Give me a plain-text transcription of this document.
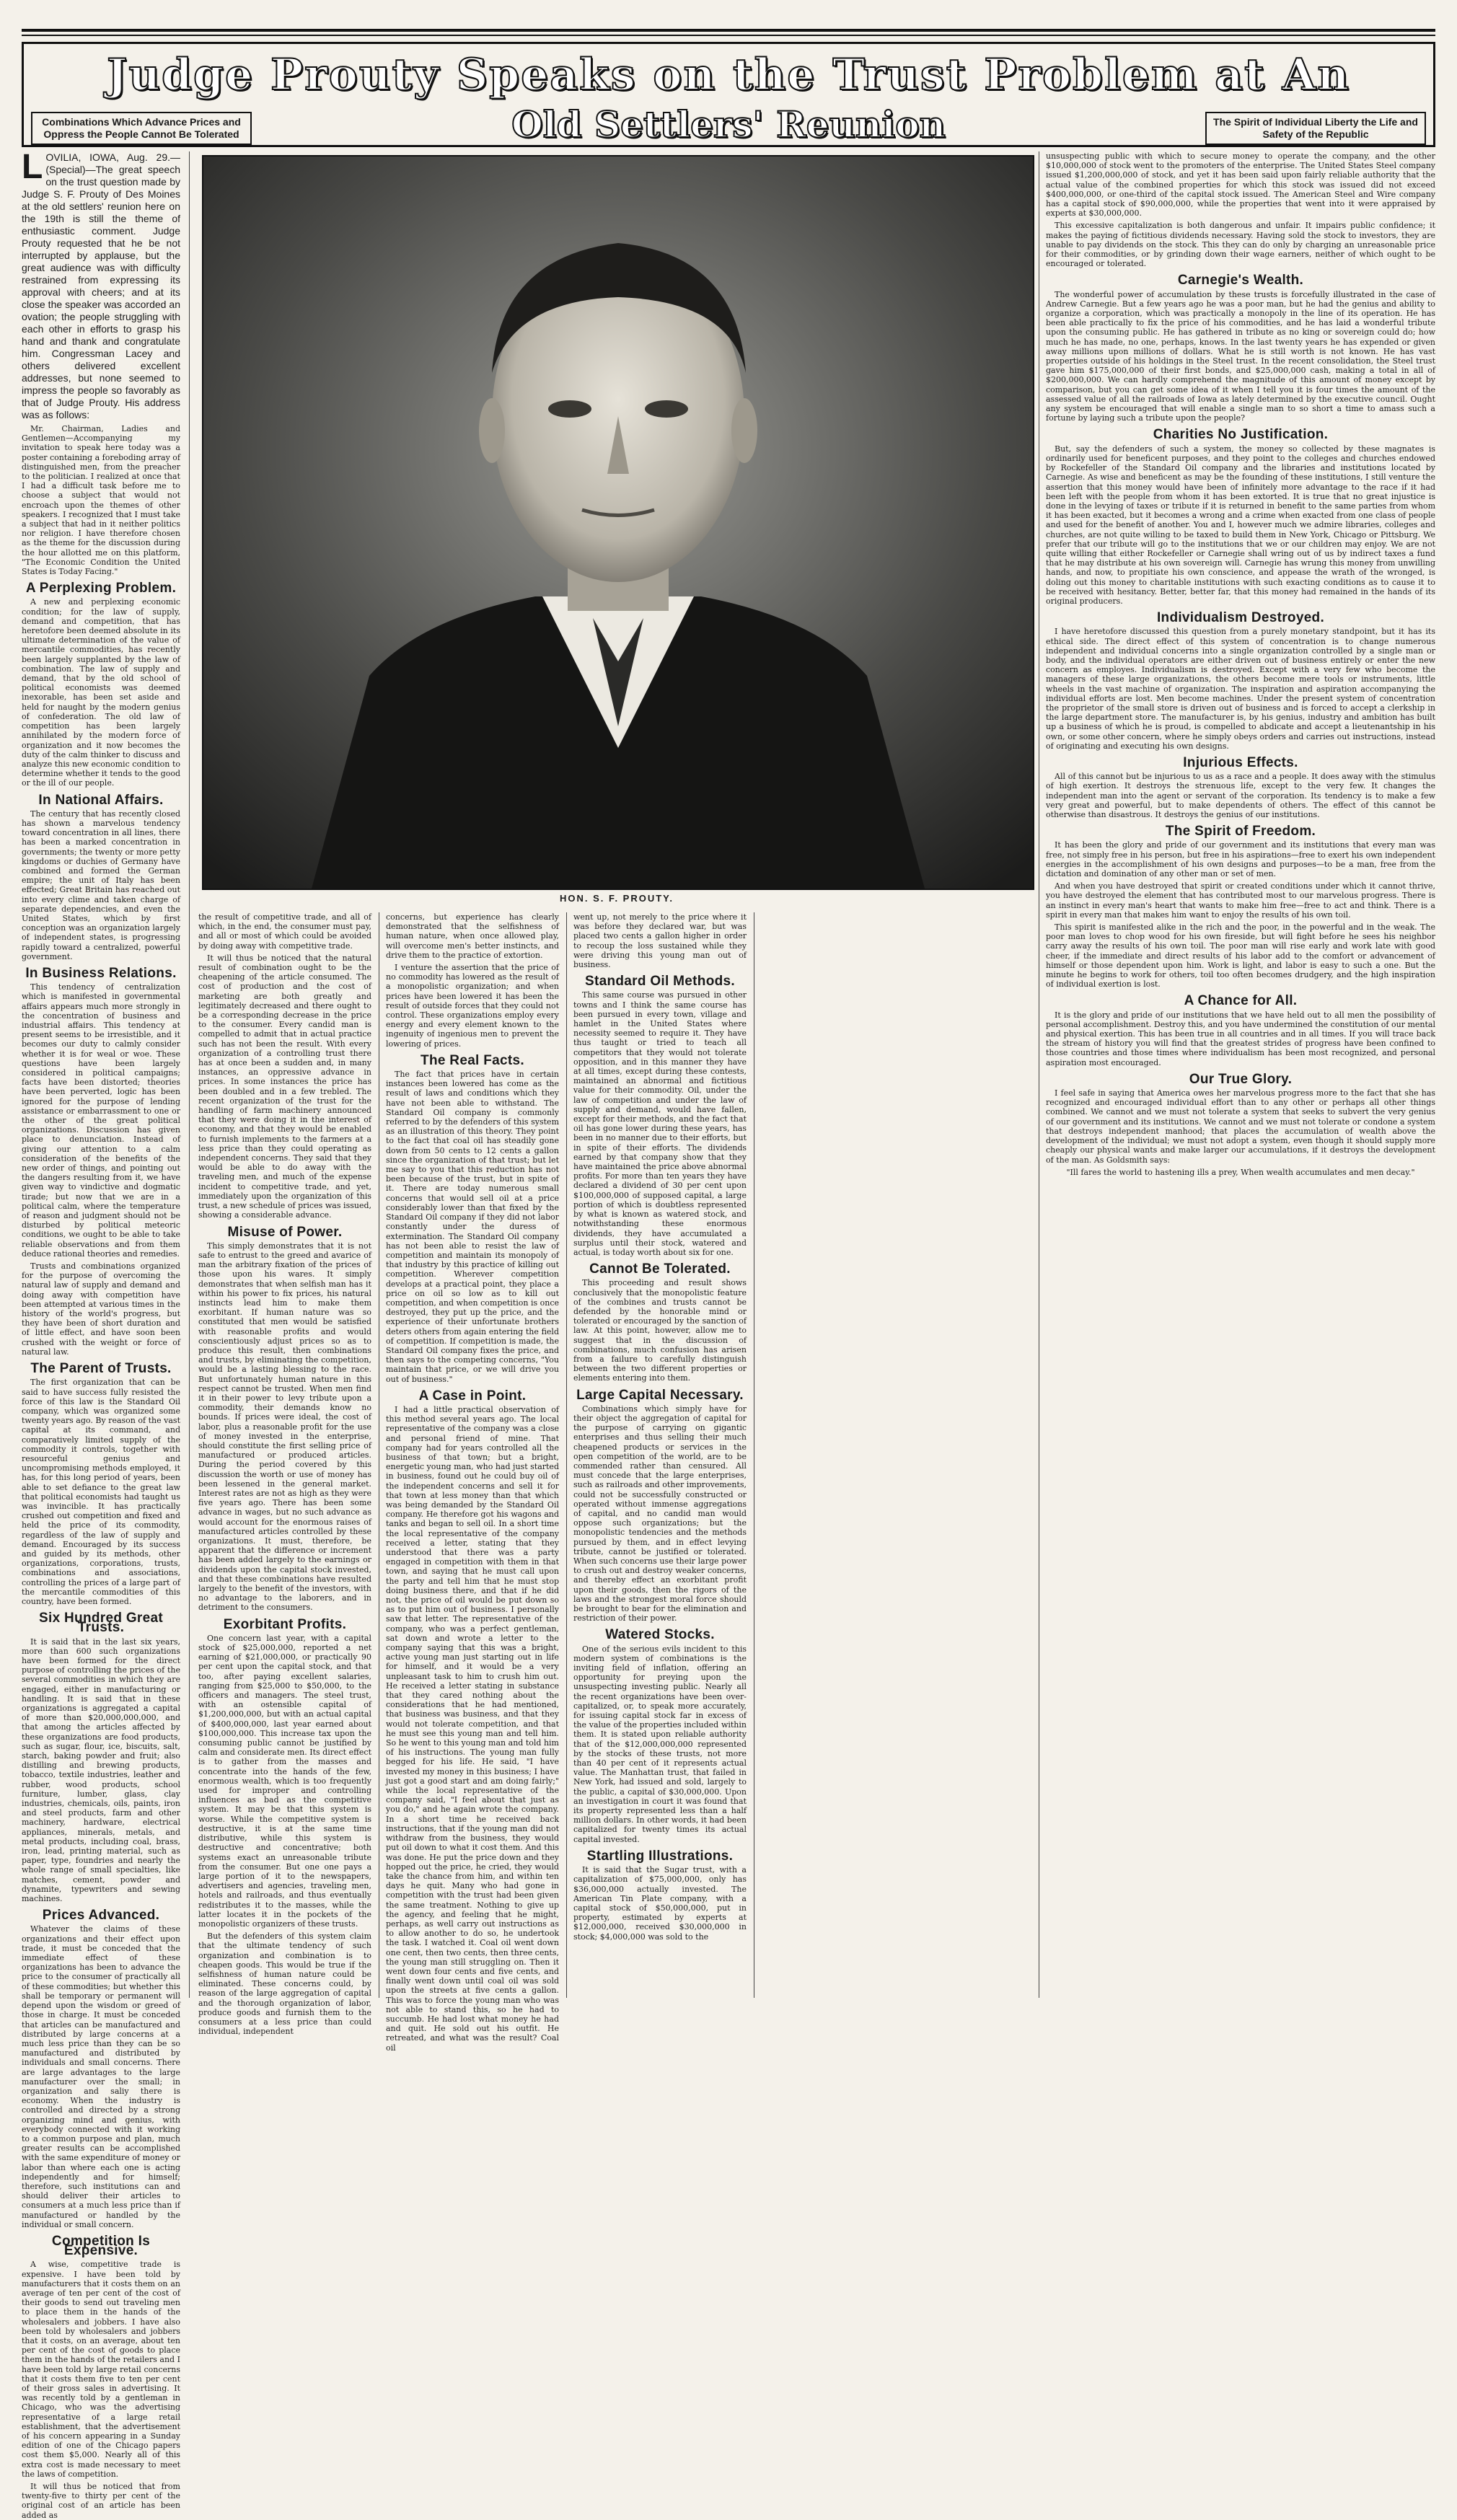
Judge Prouty Speaks on the Trust Problem at An
Combinations Which Advance Prices and Oppress the People Cannot Be Tolerated	Old Settlers' Reunion	The Spirit of Individual Liberty the Life and Safety of the Republic

LOVILIA, IOWA, Aug. 29.—(Special)—The great speech on the trust question made by Judge S. F. Prouty of Des Moines at the old settlers' reunion here on the 19th is still the theme of enthusiastic comment. Judge Prouty requested that he be not interrupted by applause, but the great audience was with difficulty restrained from expressing its approval with cheers; and at its close the speaker was accorded an ovation; the people struggling with each other in efforts to grasp his hand and thank and congratulate him. Congressman Lacey and others delivered excellent addresses, but none seemed to impress the people so favorably as that of Judge Prouty. His address was as follows:

Mr. Chairman, Ladies and Gentlemen—Accompanying my invitation to speak here today was a poster containing a foreboding array of distinguished men, from the preacher to the politician. I realized at once that I had a difficult task before me to choose a subject that would not encroach upon the themes of other speakers. I recognized that I must take a subject that had in it neither politics nor religion. I have therefore chosen as the theme for the discussion during the hour allotted me on this platform, "The Economic Condition the United States is Today Facing."

A Perplexing Problem.

A new and perplexing economic condition; for the law of supply, demand and competition, that has heretofore been deemed absolute in its ultimate determination of the value of mercantile commodities, has recently been largely supplanted by the law of combination. The law of supply and demand, that by the old school of political economists was deemed inexorable, has been set aside and held for naught by the modern genius of confederation. The old law of competition has been largely annihilated by the modern force of organization and it now becomes the duty of the calm thinker to discuss and analyze this new economic condition to determine whether it tends to the good or the ill of our people.

In National Affairs.

The century that has recently closed has shown a marvelous tendency toward concentration in all lines, there has been a marked concentration in governments; the twenty or more petty kingdoms or duchies of Germany have combined and formed the German empire; the unit of Italy has been effected; Great Britain has reached out into every clime and taken charge of separate dependencies, and even the United States, which by first conception was an organization largely of independent states, is progressing rapidly toward a centralized, powerful government.

In Business Relations.

This tendency of centralization which is manifested in governmental affairs appears much more strongly in the concentration of business and industrial affairs. This tendency at present seems to be irresistible, and it becomes our duty to calmly consider whether it is for weal or woe. These questions have been largely considered in political campaigns; facts have been distorted; theories have been perverted, logic has been ignored for the purpose of lending assistance or embarrassment to one or the other of the great political organizations. Discussion has given place to denunciation. Instead of giving our attention to a calm consideration of the benefits of the new order of things, and pointing out the dangers resulting from it, we have given way to vindictive and dogmatic tirade; but now that we are in a political calm, where the temperature of reason and judgment should not be disturbed by political meteoric conditions, we ought to be able to take reliable observations and from them deduce rational theories and remedies.

Trusts and combinations organized for the purpose of overcoming the natural law of supply and demand and doing away with competition have been attempted at various times in the history of the world's progress, but they have been of short duration and of little effect, and have soon been crushed with the weight or force of natural law.

The Parent of Trusts.

The first organization that can be said to have success fully resisted the force of this law is the Standard Oil company, which was organized some twenty years ago. By reason of the vast capital at its command, and comparatively limited supply of the commodity it controls, together with resourceful genius and uncompromising methods employed, it has, for this long period of years, been able to set defiance to the great law that political economists had taught us was invincible. It has practically crushed out competition and fixed and held the price of its commodity, regardless of the law of supply and demand. Encouraged by its success and guided by its methods, other organizations, corporations, trusts, combinations and associations, controlling the prices of a large part of the mercantile commodities of this country, have been formed.

Six Hundred Great Trusts.

It is said that in the last six years, more than 600 such organizations have been formed for the direct purpose of controlling the prices of the several commodities in which they are engaged, either in manufacturing or handling. It is said that in these organizations is aggregated a capital of more than $20,000,000,000, and that among the articles affected by these organizations are food products, such as sugar, flour, ice, biscuits, salt, starch, baking powder and fruit; also distilling and brewing products, tobacco, textile industries, leather and rubber, wood products, school furniture, lumber, glass, clay industries, chemicals, oils, paints, iron and steel products, farm and other machinery, hardware, electrical appliances, minerals, metals, and metal products, including coal, brass, iron, lead, printing material, such as paper, type, foundries and nearly the whole range of small specialties, like matches, cement, powder and dynamite, typewriters and sewing machines.

Prices Advanced.

Whatever the claims of these organizations and their effect upon trade, it must be conceded that the immediate effect of these organizations has been to advance the price to the consumer of practically all of these commodities; but whether this shall be temporary or permanent will depend upon the wisdom or greed of those in charge. It must be conceded that articles can be manufactured and distributed by large concerns at a much less price than they can be so manufactured and distributed by individuals and small concerns. There are large advantages to the large manufacturer over the small; in organization and saliy there is economy. When the industry is controlled and directed by a strong organizing mind and genius, with everybody connected with it working to a common purpose and plan, much greater results can be accomplished with the same expenditure of money or labor than where each one is acting independently and for himself; therefore, such institutions can and should deliver their articles to consumers at a much less price than if manufactured or handled by the individual or small concern.

Competition Is Expensive.

A wise, competitive trade is expensive. I have been told by manufacturers that it costs them on an average of ten per cent of the cost of their goods to send out traveling men to place them in the hands of the wholesalers and jobbers. I have also been told by wholesalers and jobbers that it costs, on an average, about ten per cent of the cost of goods to place them in the hands of the retailers and I have been told by large retail concerns that it costs them five to ten per cent of their gross sales in advertising. It was recently told by a gentleman in Chicago, who was the advertising representative of a large retail establishment, that the advertisement of his concern appearing in a Sunday edition of one of the Chicago papers cost them $5,000. Nearly all of this extra cost is made necessary to meet the laws of competition.

It will thus be noticed that from twenty-five to thirty per cent of the original cost of an article has been added as

HON. S. F. PROUTY.

the result of competitive trade, and all of which, in the end, the consumer must pay, and all or most of which could be avoided by doing away with competitive trade.

It will thus be noticed that the natural result of combination ought to be the cheapening of the article consumed. The cost of production and the cost of marketing are both greatly and legitimately decreased and there ought to be a corresponding decrease in the price to the consumer. Every candid man is compelled to admit that in actual practice such has not been the result. With every organization of a controlling trust there has at once been a sudden and, in many instances, an oppressive advance in prices. In some instances the price has been doubled and in a few trebled. The recent organization of the trust for the handling of farm machinery announced that they were doing it in the interest of economy, and that they would be enabled to furnish implements to the farmers at a less price than they could operating as independent concerns. They said that they would be able to do away with the traveling men, and much of the expense incident to competitive trade, and yet, immediately upon the organization of this trust, a new schedule of prices was issued, showing a considerable advance.

Misuse of Power.

This simply demonstrates that it is not safe to entrust to the greed and avarice of man the arbitrary fixation of the prices of those upon his wares. It simply demonstrates that when selfish man has it within his power to fix prices, his natural instincts lead him to make them exorbitant. If human nature was so constituted that men would be satisfied with reasonable profits and would conscientiously adjust prices so as to produce this result, then combinations and trusts, by eliminating the competition, would be a lasting blessing to the race. But unfortunately human nature in this respect cannot be trusted. When men find it in their power to levy tribute upon a commodity, their demands know no bounds. If prices were ideal, the cost of labor, plus a reasonable profit for the use of money invested in the enterprise, should constitute the first selling price of manufactured or produced articles. During the period covered by this discussion the worth or use of money has been lessened in the general market. Interest rates are not as high as they were five years ago. There has been some advance in wages, but no such advance as would account for the enormous raises of manufactured articles controlled by these organizations. It must, therefore, be apparent that the difference or increment has been added largely to the earnings or dividends upon the capital stock invested, and that these combinations have resulted largely to the benefit of the investors, with no advantage to the laborers, and in detriment to the consumers.

Exorbitant Profits.

One concern last year, with a capital stock of $25,000,000, reported a net earning of $21,000,000, or practically 90 per cent upon the capital stock, and that too, after paying excellent salaries, ranging from $25,000 to $50,000, to the officers and managers. The steel trust, with an ostensible capital of $1,200,000,000, but with an actual capital of $400,000,000, last year earned about $100,000,000. This increase tax upon the consuming public cannot be justified by calm and considerate men. Its direct effect is to gather from the masses and concentrate into the hands of the few, enormous wealth, which is too frequently used for improper and controlling influences as bad as the competitive system. It may be that this system is worse. While the competitive system is destructive, it is at the same time distributive, while this system is destructive and concentrative; both systems exact an unreasonable tribute from the consumer. But one one pays a large portion of it to the newspapers, advertisers and agencies, traveling men, hotels and railroads, and thus eventually redistributes it to the masses, while the latter locates it in the pockets of the monopolistic organizers of these trusts.

But the defenders of this system claim that the ultimate tendency of such organization and combination is to cheapen goods. This would be true if the selfishness of human nature could be eliminated. These concerns could, by reason of the large aggregation of capital and the thorough organization of labor, produce goods and furnish them to the consumers at a less price than could individual, independent

concerns, but experience has clearly demonstrated that the selfishness of human nature, when once allowed play, will overcome men's better instincts, and drive them to the practice of extortion.

I venture the assertion that the price of no commodity has lowered as the result of a monopolistic organization; and when prices have been lowered it has been the result of outside forces that they could not control. These organizations employ every energy and every element known to the ingenuity of ingenious men to prevent the lowering of prices.

The Real Facts.

The fact that prices have in certain instances been lowered has come as the result of laws and conditions which they have not been able to withstand. The Standard Oil company is commonly referred to by the defenders of this system as an illustration of this theory. They point to the fact that coal oil has steadily gone down from 50 cents to 12 cents a gallon since the organization of that trust; but let me say to you that this reduction has not been because of the trust, but in spite of it. There are today numerous small concerns that would sell oil at a price considerably lower than that fixed by the Standard Oil company if they did not labor constantly under the duress of extermination. The Standard Oil company has not been able to resist the law of competition and maintain its monopoly of that industry by this practice of killing out competition. Wherever competition develops at a practical point, they place a price on oil so low as to kill out competition, and when competition is once destroyed, they put up the price, and the experience of their unfortunate brothers deters others from again entering the field of competition. If competition is made, the Standard Oil company fixes the price, and then says to the competing concerns, "You maintain that price, or we will drive you out of business."

A Case in Point.

I had a little practical observation of this method several years ago. The local representative of the company was a close and personal friend of mine. That company had for years controlled all the business of that town; but a bright, energetic young man, who had just started in business, found out he could buy oil of the independent concerns and sell it for that town at less money than that which was being demanded by the Standard Oil company. He therefore got his wagons and tanks and began to sell oil. In a short time the local representative of the company received a letter, stating that they understood that there was a party engaged in competition with them in that town, and saying that he must call upon the party and tell him that he must stop doing business there, and that if he did not, the price of oil would be put down so as to put him out of business. I personally saw that letter. The representative of the company, who was a perfect gentleman, sat down and wrote a letter to the company saying that this was a bright, active young man just starting out in life for himself, and it would be a very unpleasant task to him to crush him out. He received a letter stating in substance that they cared nothing about the considerations that he had mentioned, that business was business, and that they would not tolerate competition, and that he must see this young man and tell him. So he went to this young man and told him of his instructions. The young man fully begged for his life. He said, "I have invested my money in this business; I have just got a good start and am doing fairly;" while the local representative of the company said, "I feel about that just as you do," and he again wrote the company. In a short time he received back instructions, that if the young man did not withdraw from the business, they would put oil down to what it cost them. And this was done. He put the price down and they hopped out the price, he cried, they would take the chance from him, and within ten days he quit. Many who had gone in competition with the trust had been given the same treatment. Nothing to give up the agency, and feeling that he might, perhaps, as well carry out instructions as to allow another to do so, he undertook the task. I watched it. Coal oil went down one cent, then two cents, then three cents, the young man still struggling on. Then it went down four cents and five cents, and finally went down until coal oil was sold upon the streets at five cents a gallon. This was to force the young man who was not able to stand this, so he had to succumb. He had lost what money he had and quit. He sold out his outfit. He retreated, and what was the result? Coal oil

went up, not merely to the price where it was before they declared war, but was placed two cents a gallon higher in order to recoup the loss sustained while they were driving this young man out of business.

Standard Oil Methods.

This same course was pursued in other towns and I think the same course has been pursued in every town, village and hamlet in the United States where necessity seemed to require it. They have thus taught or tried to teach all competitors that they would not tolerate opposition, and in this manner they have at all times, except during these contests, maintained an abnormal and fictitious value for their commodity. Oil, under the law of competition and under the law of supply and demand, would have fallen, except for their methods, and the fact that oil has gone lower during these years, has been in no manner due to their efforts, but in spite of their efforts. The dividends earned by that company show that they have maintained the price above abnormal profits. For more than ten years they have declared a dividend of 30 per cent upon $100,000,000 of supposed capital, a large portion of which is doubtless represented by what is known as watered stock, and notwithstanding these enormous dividends, they have accumulated a surplus until their stock, watered and actual, is today worth about six for one.

Cannot Be Tolerated.

This proceeding and result shows conclusively that the monopolistic feature of the combines and trusts cannot be defended by the honorable mind or tolerated or encouraged by the sanction of law. At this point, however, allow me to suggest that in the discussion of combinations, much confusion has arisen from a failure to carefully distinguish between the two different properties or elements entering into them.

Large Capital Necessary.

Combinations which simply have for their object the aggregation of capital for the purpose of carrying on gigantic enterprises and thus selling their much cheapened products or services in the open competition of the world, are to be commended rather than censured. All must concede that the large enterprises, such as railroads and other improvements, could not be successfully constructed or operated without immense aggregations of capital, and no candid man would oppose such organizations; but the monopolistic tendencies and the methods pursued by them, and in effect levying tribute, cannot be justified or tolerated. When such concerns use their large power to crush out and destroy weaker concerns, and thereby effect an exorbitant profit upon their goods, then the rigors of the laws and the strongest moral force should be brought to bear for the elimination and restriction of their power.

Watered Stocks.

One of the serious evils incident to this modern system of combinations is the inviting field of inflation, offering an opportunity for preying upon the unsuspecting investing public. Nearly all the recent organizations have been over-capitalized, or, to speak more accurately, for issuing capital stock far in excess of the value of the properties included within them. It is stated upon reliable authority that of the $12,000,000,000 represented by the stocks of these trusts, not more than 40 per cent of it represents actual value. The Manhattan trust, that failed in New York, had issued and sold, largely to the public, a capital of $30,000,000. Upon an investigation in court it was found that its property represented less than a half million dollars. In other words, it had been capitalized for twenty times its actual capital invested.

Startling Illustrations.

It is said that the Sugar trust, with a capitalization of $75,000,000, only has $36,000,000 actually invested. The American Tin Plate company, with a capital stock of $50,000,000, put in property, estimated by experts at $12,000,000, received $30,000,000 in stock; $4,000,000 was sold to the

unsuspecting public with which to secure money to operate the company, and the other $10,000,000 of stock went to the promoters of the enterprise. The United States Steel company issued $1,200,000,000 of stock, and yet it has been said upon fairly reliable authority that the actual value of the combined properties for which this stock was issued did not exceed $400,000,000, or one-third of the capital stock issued. The American Steel and Wire company has a capital stock of $90,000,000, while the properties that went into it were appraised by experts at $30,000,000.

This excessive capitalization is both dangerous and unfair. It impairs public confidence; it makes the paying of fictitious dividends necessary. Having sold the stock to investors, they are unable to pay dividends on the stock. This they can do only by charging an unreasonable price for their commodities, or by grinding down their wage earners, neither of which ought to be encouraged or tolerated.

Carnegie's Wealth.

The wonderful power of accumulation by these trusts is forcefully illustrated in the case of Andrew Carnegie. But a few years ago he was a poor man, but he had the genius and ability to organize a corporation, which was practically a monopoly in the line of its operation. He has been able practically to fix the price of his commodities, and he has laid a wonderful tribute upon the consuming public. He has gathered in tribute as no king or sovereign could do; how much he has made, no one, perhaps, knows. In the last twenty years he has expended or given away millions upon millions of dollars. What he is still worth is not known. He has vast properties outside of his holdings in the Steel trust. In the recent consolidation, the Steel trust gave him $175,000,000 of their first bonds, and $25,000,000 cash, making a total in all of $200,000,000. We can hardly comprehend the magnitude of this amount of money except by comparison, but you can get some idea of it when I tell you it is four times the amount of the assessed value of all the railroads of Iowa as lately determined by the executive council. Ought any system be encouraged that will enable a single man to so short a time to amass such a fortune by laying such a tribute upon the people?

Charities No Justification.

But, say the defenders of such a system, the money so collected by these magnates is ordinarily used for beneficent purposes, and they point to the colleges and churches endowed by Rockefeller of the Standard Oil company and the libraries and institutions located by Carnegie. As wise and beneficent as may be the founding of these institutions, I still venture the assertion that this money would have been of infinitely more advantage to the race if it had been left with the people from whom it has been extorted. It is true that no great injustice is done in the levying of taxes or tribute if it is returned in benefit to the same parties from whom it has been exacted, but it becomes a wrong and a crime when exacted from one class of people and used for the benefit of another. You and I, however much we admire libraries, colleges and churches, are not quite willing to be taxed to build them in New York, Chicago or Pittsburg. We prefer that our tribute will go to the institutions that we or our children may enjoy. We are not quite willing that either Rockefeller or Carnegie shall wring out of us by indirect taxes a fund that he may distribute at his own sovereign will. Carnegie has wrung this money from unwilling hands, and now, to propitiate his own conscience, and appease the wrath of the wronged, is doling out this money to charitable institutions with such exacting conditions as to cause it to be received with hesitancy. Better, better far, that this money had remained in the hands of its original producers.

Individualism Destroyed.

I have heretofore discussed this question from a purely monetary standpoint, but it has its ethical side. The direct effect of this system of concentration is to change numerous independent and individual concerns into a single organization controlled by a single man or body, and the individual operators are either driven out of business entirely or enter the new concern as employes. Individualism is destroyed. Except with a very few who become the managers of these large organizations, the others become mere tools or instruments, little wheels in the vast machine of organization. The inspiration and aspiration accompanying the individual efforts are lost. Men become machines. Under the present system of concentration the proprietor of the small store is driven out of business and is forced to accept a clerkship in the large department store. The manufacturer is, by his genius, industry and ambition has built up a business of which he is proud, is compelled to abdicate and accept a lieutenantship in his own, or some other concern, where he simply obeys orders and carries out instructions, instead of originating and executing his own designs.

Injurious Effects.

All of this cannot but be injurious to us as a race and a people. It does away with the stimulus of high exertion. It destroys the strenuous life, except to the very few. It changes the independent man into the agent or servant of the corporation. Its tendency is to make a few very great and powerful, but to make dependents of others. The effect of this cannot be otherwise than disastrous. It destroys the genius of our institutions.

The Spirit of Freedom.

It has been the glory and pride of our government and its institutions that every man was free, not simply free in his person, but free in his aspirations—free to exert his own independent energies in the accomplishment of his own designs and purposes—to be a man, free from the dictation and domination of any other man or set of men.

And when you have destroyed that spirit or created conditions under which it cannot thrive, you have destroyed the element that has contributed most to our marvelous progress. There is an instinct in every man's heart that wants to make him free—free to act and think. There is a spirit in every man that makes him want to enjoy the results of his own toil.

This spirit is manifested alike in the rich and the poor, in the powerful and in the weak. The poor man loves to chop wood for his own fireside, but will fight before he sees his neighbor carry away the results of his own toil. The poor man will rise early and work late with good cheer, if the immediate and direct results of his labor add to the comfort or advancement of himself or those dependent upon him. Work is light, and labor is easy to such a one. But the minute he begins to work for others, toil too often becomes drudgery, and the high inspiration of individual exertion is lost.

A Chance for All.

It is the glory and pride of our institutions that we have held out to all men the possibility of personal accomplishment. Destroy this, and you have undermined the constitution of our mental and physical exertion. This has been true in all countries and in all times. If you will trace back the stream of history you will find that the greatest strides of progress have been confined to those countries and those times where individualism has been most recognized, and personal aspiration most encouraged.

Our True Glory.

I feel safe in saying that America owes her marvelous progress more to the fact that she has recognized and encouraged individual effort than to any other or perhaps all other things combined. We cannot and we must not tolerate a system that seeks to subvert the very genius of our government and its institutions. We cannot and we must not tolerate or condone a system that destroys independent manhood; that places the accumulation of wealth above the development of the individual; we must not adopt a system, even though it should supply more cheaply our physical wants and make larger our accumulations, if it destroys the development of the man. As Goldsmith says:

"Ill fares the world to hastening ills a prey, When wealth accumulates and men decay."
